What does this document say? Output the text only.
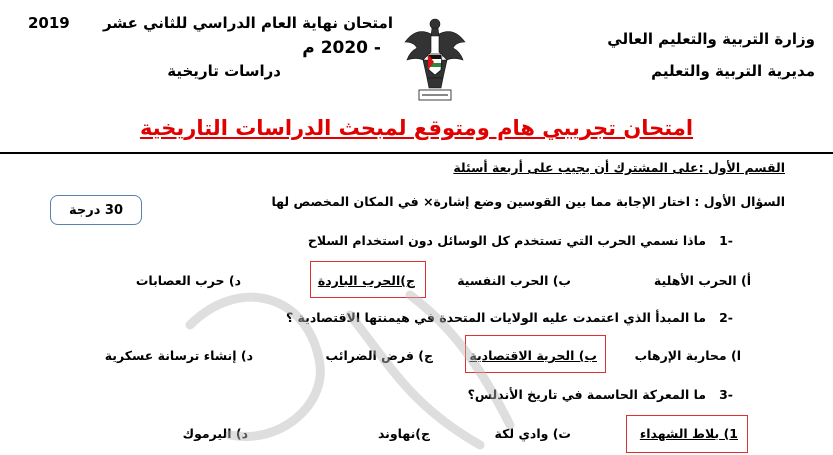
وزارة التربية والتعليم العالي
مديرية التربية والتعليم
امتحان نهاية العام الدراسي للثاني عشر
2019
- 2020 م
دراسات تاريخية
امتحان تجريبي هام ومتوقع لمبحث الدراسات التاريخية
القسم الأول :على المشترك أن يجيب على أربعة أسئلة
السؤال الأول : اختار الإجابة مما بين القوسين وضع إشارة× في المكان المخصص لها
30 درجة
-1   ماذا نسمي الحرب التي تستخدم كل الوسائل دون استخدام السلاح
أ) الحرب الأهلية
ب) الحرب النفسية
ج)الحرب الباردة
د) حرب العصابات
-2   ما المبدأ الذي اعتمدت عليه الولايات المتحدة في هيمنتها الاقتصادية ؟
ا) محاربة الإرهاب
ب) الحرية الاقتصادية
ج) فرض الضرائب
د) إنشاء ترسانة عسكرية
-3   ما المعركة الحاسمة في تاريخ الأندلس؟
1) بلاط الشهداء
ت) وادي لكة
ج)نهاوند
د) اليرموك
